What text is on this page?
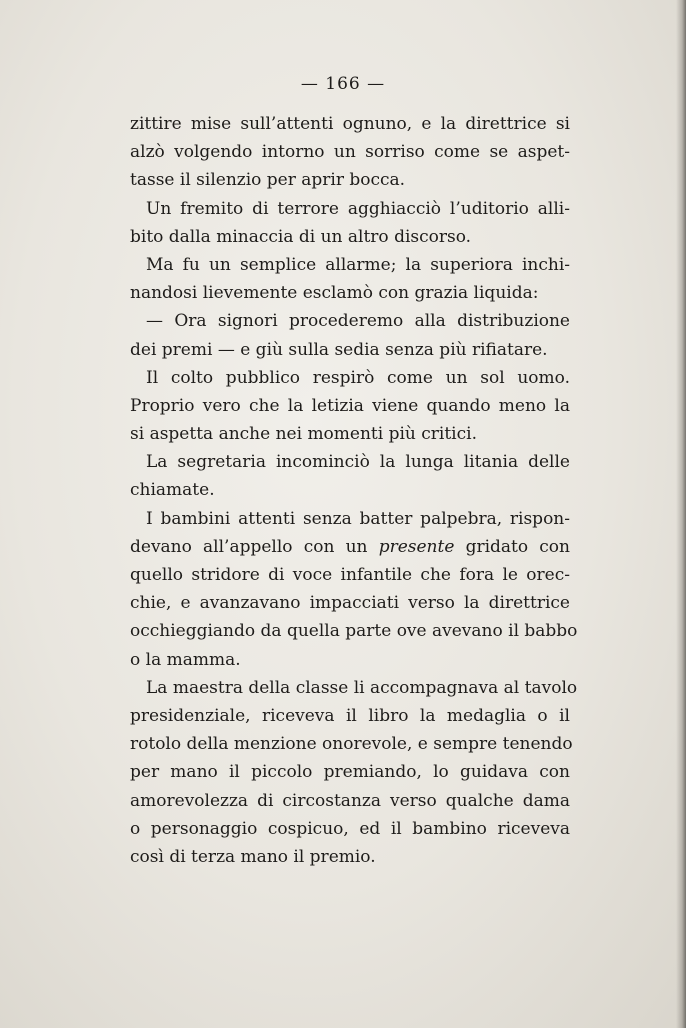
— 166 —
zittire mise sull’attenti ognuno, e la direttrice si
alzò volgendo intorno un sorriso come se aspet-
tasse il silenzio per aprir bocca.
Un fremito di terrore agghiacciò l’uditorio alli-
bito dalla minaccia di un altro discorso.
Ma fu un semplice allarme; la superiora inchi-
nandosi lievemente esclamò con grazia liquida:
— Ora signori procederemo alla distribuzione
dei premi — e giù sulla sedia senza più rifiatare.
Il colto pubblico respirò come un sol uomo.
Proprio vero che la letizia viene quando meno la
si aspetta anche nei momenti più critici.
La segretaria incominciò la lunga litania delle
chiamate.
I bambini attenti senza batter palpebra, rispon-
devano all’appello con un presente gridato con
quello stridore di voce infantile che fora le orec-
chie, e avanzavano impacciati verso la direttrice
occhieggiando da quella parte ove avevano il babbo
o la mamma.
La maestra della classe li accompagnava al tavolo
presidenziale, riceveva il libro la medaglia o il
rotolo della menzione onorevole, e sempre tenendo
per mano il piccolo premiando, lo guidava con
amorevolezza di circostanza verso qualche dama
o personaggio cospicuo, ed il bambino riceveva
così di terza mano il premio.
